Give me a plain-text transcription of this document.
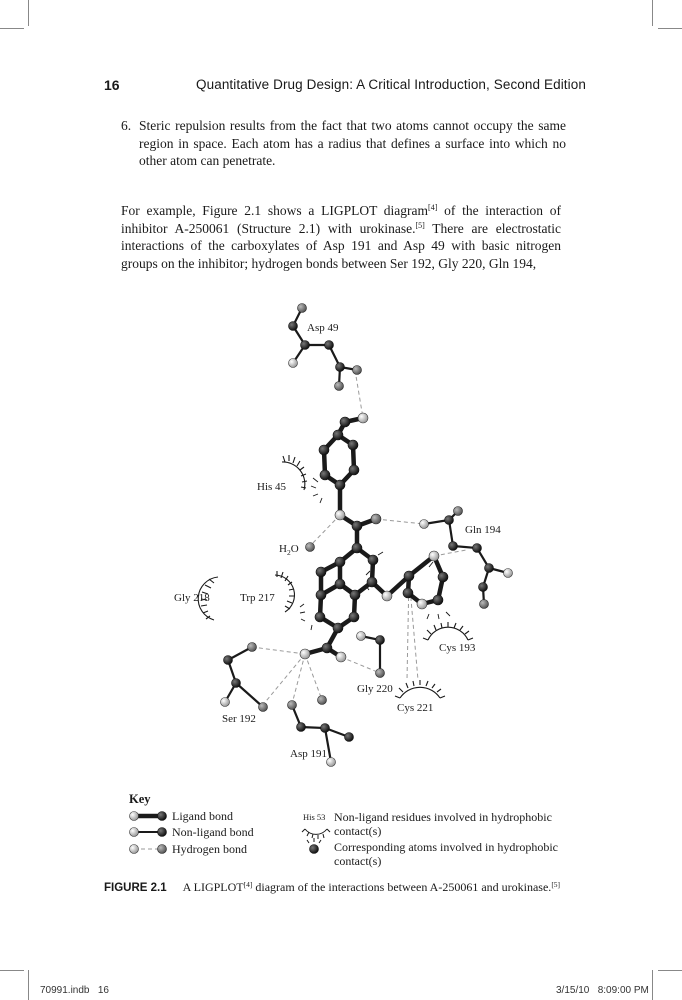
16	Quantitative Drug Design: A Critical Introduction, Second Edition
6. Steric repulsion results from the fact that two atoms cannot occupy the same region in space. Each atom has a radius that defines a surface into which no other atom can penetrate.
For example, Figure 2.1 shows a LIGPLOT diagram[4] of the interaction of inhibitor A-250061 (Structure 2.1) with urokinase.[5] There are electrostatic interactions of the carboxylates of Asp 191 and Asp 49 with basic nitrogen groups on the inhibitor; hydrogen bonds between Ser 192, Gly 220, Gln 194,
Asp 49
His 45
Gln 194
$H_2O$
Gly 218	Trp 217
Cys 193
Gly 220
Cys 221
Ser 192
Asp 191
Key
Ligand bond
Non-ligand bond
Hydrogen bond
His 53 Non-ligand residues involved in hydrophobic contact(s)
Corresponding atoms involved in hydrophobic contact(s)
FIGURE 2.1 A LIGPLOT[4] diagram of the interactions between A-250061 and urokinase.[5]
70991.indb   16	3/15/10   8:09:00 PM
